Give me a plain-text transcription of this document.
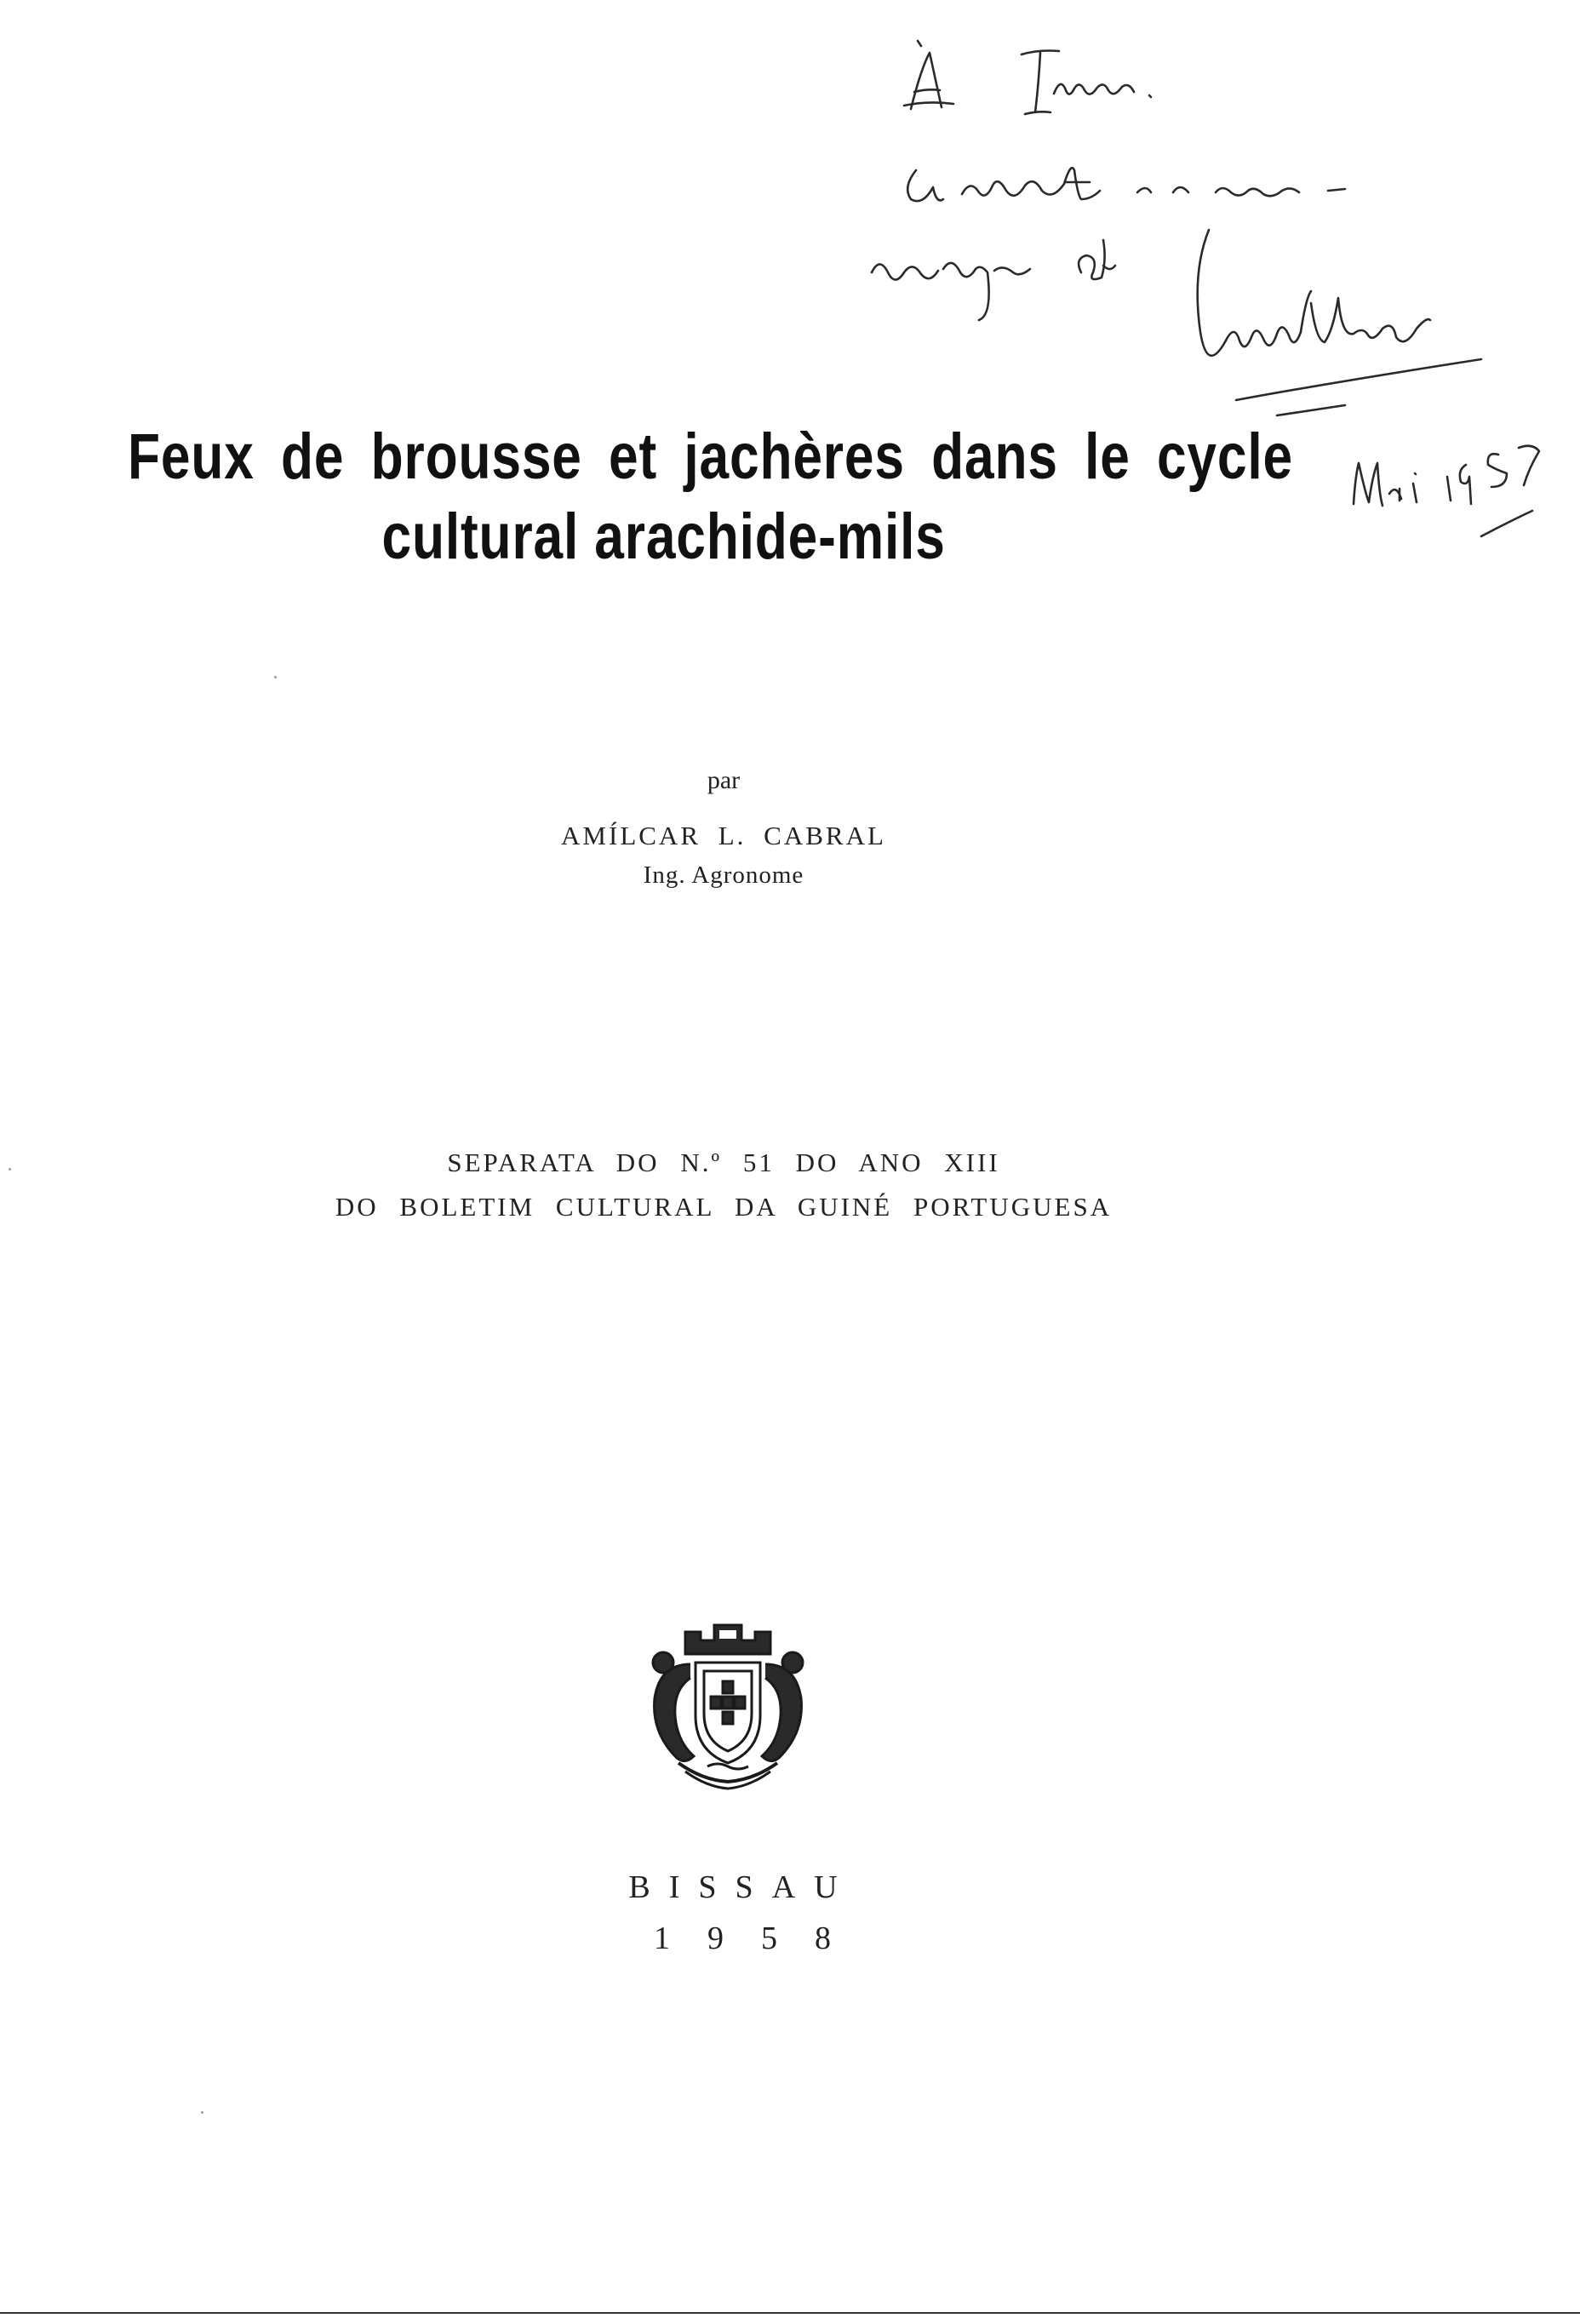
Feux de brousse et jachères dans le cycle
cultural arachide-mils
par
AMÍLCAR L. CABRAL
Ing. Agronome
SEPARATA DO N.º 51 DO ANO XIII
DO BOLETIM CULTURAL DA GUINÉ PORTUGUESA
BISSAU
1958
